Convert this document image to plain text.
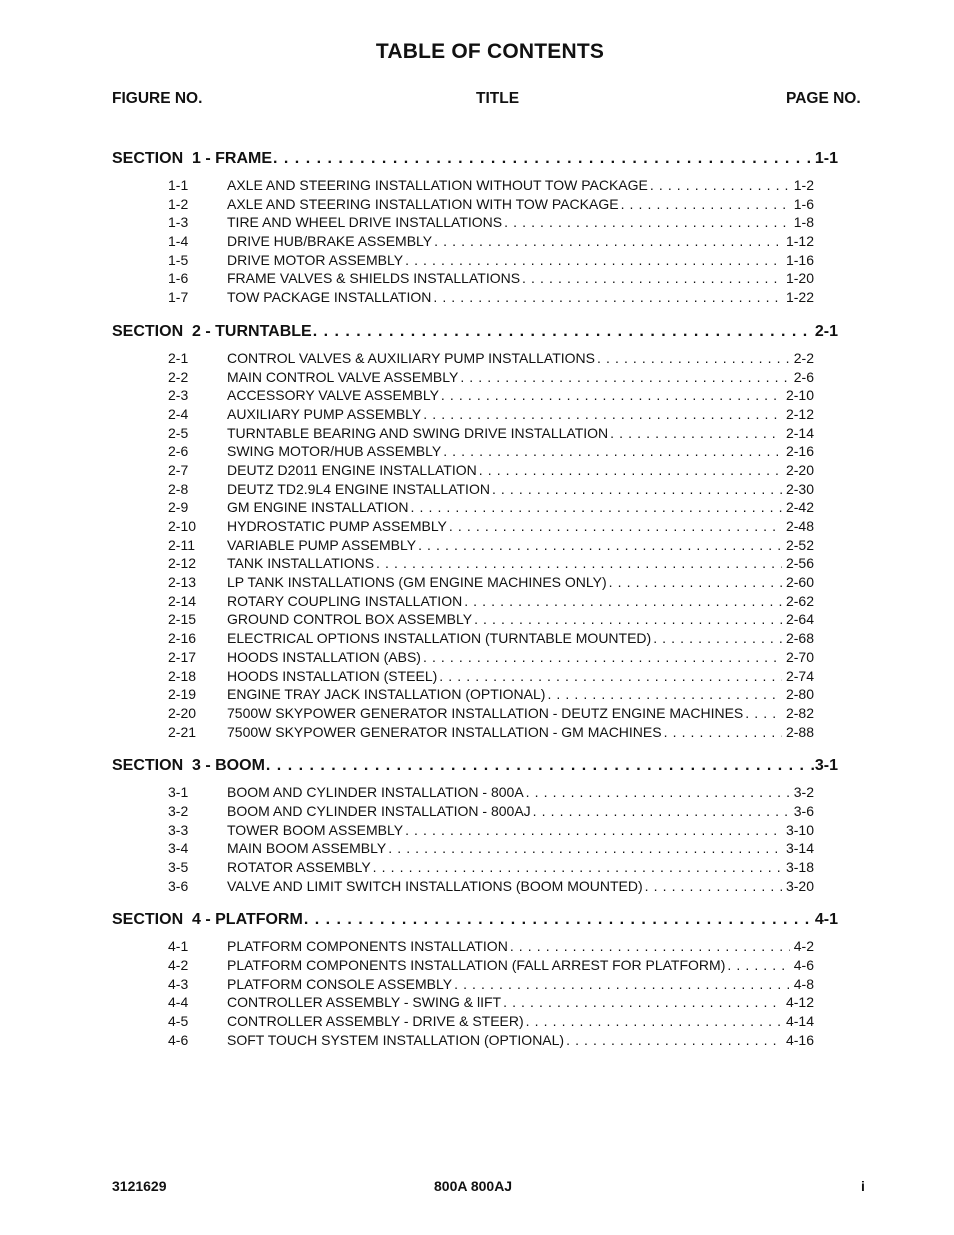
TABLE OF CONTENTS
FIGURE NO.	TITLE	PAGE NO.
SECTION  1 - FRAME . . .	1-1
1-1	AXLE AND STEERING INSTALLATION WITHOUT TOW PACKAGE . . .	1-2
1-2	AXLE AND STEERING INSTALLATION WITH TOW PACKAGE . . .	1-6
1-3	TIRE AND WHEEL DRIVE INSTALLATIONS . . .	1-8
1-4	DRIVE HUB/BRAKE ASSEMBLY . . .	1-12
1-5	DRIVE MOTOR ASSEMBLY . . .	1-16
1-6	FRAME VALVES & SHIELDS INSTALLATIONS . . .	1-20
1-7	TOW PACKAGE INSTALLATION . . .	1-22
SECTION  2 - TURNTABLE . . .	2-1
2-1	CONTROL VALVES & AUXILIARY PUMP INSTALLATIONS . . .	2-2
2-2	MAIN CONTROL VALVE ASSEMBLY . . .	2-6
2-3	ACCESSORY VALVE ASSEMBLY . . .	2-10
2-4	AUXILIARY PUMP ASSEMBLY . . .	2-12
2-5	TURNTABLE BEARING AND SWING DRIVE INSTALLATION . . .	2-14
2-6	SWING MOTOR/HUB ASSEMBLY . . .	2-16
2-7	DEUTZ D2011 ENGINE INSTALLATION . . .	2-20
2-8	DEUTZ TD2.9L4 ENGINE INSTALLATION . . .	2-30
2-9	GM ENGINE INSTALLATION . . .	2-42
2-10	HYDROSTATIC PUMP ASSEMBLY . . .	2-48
2-11	VARIABLE PUMP ASSEMBLY . . .	2-52
2-12	TANK INSTALLATIONS . . .	2-56
2-13	LP TANK INSTALLATIONS (GM ENGINE MACHINES ONLY) . . .	2-60
2-14	ROTARY COUPLING INSTALLATION . . .	2-62
2-15	GROUND CONTROL BOX ASSEMBLY . . .	2-64
2-16	ELECTRICAL OPTIONS INSTALLATION (TURNTABLE MOUNTED) . . .	2-68
2-17	HOODS INSTALLATION (ABS) . . .	2-70
2-18	HOODS INSTALLATION (STEEL) . . .	2-74
2-19	ENGINE TRAY JACK INSTALLATION (OPTIONAL) . . .	2-80
2-20	7500W SKYPOWER GENERATOR INSTALLATION - DEUTZ ENGINE MACHINES . . .	2-82
2-21	7500W SKYPOWER GENERATOR INSTALLATION - GM MACHINES . . .	2-88
SECTION  3 - BOOM . . .	3-1
3-1	BOOM AND CYLINDER INSTALLATION - 800A . . .	3-2
3-2	BOOM AND CYLINDER INSTALLATION - 800AJ . . .	3-6
3-3	TOWER BOOM ASSEMBLY . . .	3-10
3-4	MAIN BOOM ASSEMBLY . . .	3-14
3-5	ROTATOR ASSEMBLY . . .	3-18
3-6	VALVE AND LIMIT SWITCH INSTALLATIONS (BOOM MOUNTED) . . .	3-20
SECTION  4 - PLATFORM . . .	4-1
4-1	PLATFORM COMPONENTS INSTALLATION . . .	4-2
4-2	PLATFORM COMPONENTS INSTALLATION (FALL ARREST FOR PLATFORM) . . .	4-6
4-3	PLATFORM CONSOLE ASSEMBLY . . .	4-8
4-4	CONTROLLER ASSEMBLY - SWING & lIFT . . .	4-12
4-5	CONTROLLER ASSEMBLY - DRIVE & STEER) . . .	4-14
4-6	SOFT TOUCH SYSTEM INSTALLATION (OPTIONAL) . . .	4-16
3121629	800A 800AJ	i
